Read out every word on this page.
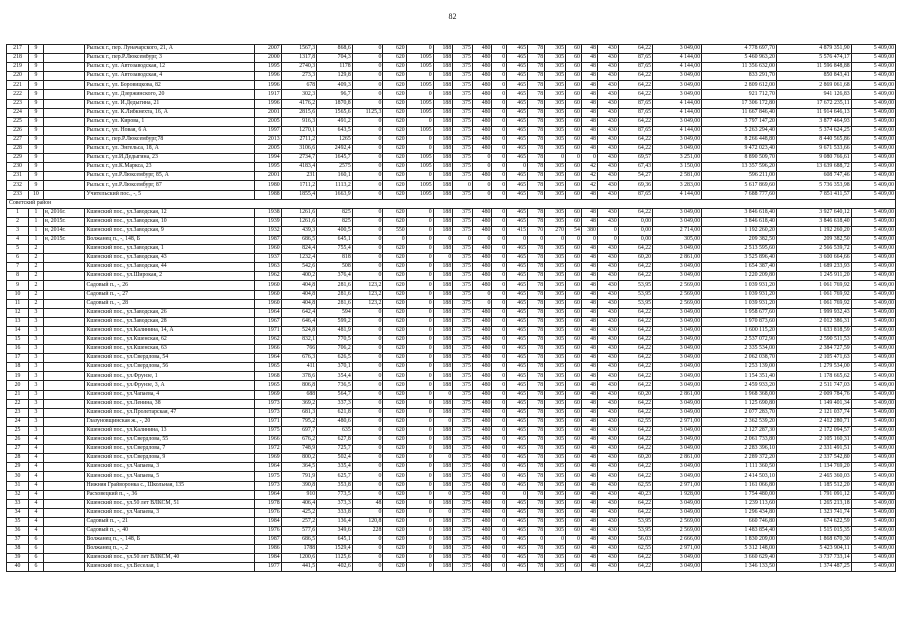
82
217	9		Рыльск г., пер. Луначарского, 21, А	2007	1567,3	868,6	0	620	0	188	375	480	0	465	78	305	60	48	430	64,22	3 049,00	4 778 697,70	4 879 351,90	5 409,00
218	9		Рыльск г., пер.Р.Люксембург, 3	2000	1317,8	704,3	0	620	1095	188	375	480	0	465	78	305	60	48	430	87,65	4 144,00	5 460 963,20	5 576 474,17	5 409,00
219	9		Рыльск г., ул. Автозаводская, 12	1995	2740,3	1178	0	620	1095	188	375	480	0	465	78	305	60	48	430	87,65	4 144,00	11 356 632,00	11 596 848,88	5 409,00
220	9		Рыльск г., ул. Автозаводская, 4	1996	273,3	129,8	0	620	0	188	375	480	0	465	78	305	60	48	430	64,22	3 049,00	833 291,70	850 843,41	5 409,00
221	9		Рыльск г., ул. Боровицкова, 82	1996	678	409,3	0	620	1095	188	375	480	0	465	78	305	60	48	430	64,22	3 049,00	2 809 612,00	2 869 061,68	5 409,00
222	9		Рыльск г., ул. Дзержинского, 20	1917	302,3	96,7	0	620	0	188	375	480	0	465	78	305	60	48	430	64,22	3 049,00	921 712,70	941 126,83	5 409,00
223	9		Рыльск г., ул. И.Дедыгина, 21	1996	4176,2	1870,8	0	620	1095	188	375	480	0	465	78	305	60	48	430	87,65	4 144,00	17 306 172,80	17 672 235,11	5 409,00
224	9		Рыльск г., ул. К.Либкнехта, 16, А	2001	2815,6	1565,6	1125,3	620	1095	188	375	480	0	465	78	305	60	48	430	87,65	4 144,00	11 667 846,40	11 914 646,13	5 409,00
225	9		Рыльск г., ул. Кирова, 1	2005	916,3	491,2	0	620	0	188	375	480	0	465	78	305	60	48	430	64,22	3 049,00	3 797 147,20	3 877 464,93	5 409,00
226	9		Рыльск г., ул. Новая, 6 А	1997	1270,1	643,5	0	620	1095	188	375	480	0	465	78	305	60	48	430	87,65	4 144,00	5 263 294,40	5 374 624,25	5 409,00
227	9		Рыльск г., пер.Р.Люксембург,78	2013	2711,2	1265	0	620	0	188	375	480	0	465	78	305	60	48	430	64,22	3 049,00	8 266 448,80	8 440 565,86	5 409,00
228	9		Рыльск г., ул. Энгельса, 18, А	2005	3106,6	2492,4	0	620	0	188	375	480	0	465	78	305	60	48	430	64,22	3 049,00	9 472 023,40	9 671 533,66	5 409,00
229	9		Рыльск г., ул.И.Дедыгина, 23	1994	2734,7	1645,7	0	620	1095	188	375	0	0	465	78	0	0	0	430	69,57	3 251,00	8 890 509,70	9 080 766,61	5 409,00
230	9		Рыльск г., ул.К.Маркса, 23	1995	4183,4	2575	0	620	1095	188	375	0	0	0	78	305	60	42	430	67,43	3 150,00	13 357 596,20	13 639 688,72	5 409,00
231	9		Рыльск г., ул.Р.Люксембург, 85, А	2001	231	160,1	0	620	0	188	375	480	0	465	78	305	60	42	430	54,27	2 581,00	596 211,00	608 747,46	5 409,00
232	9		Рыльск г., ул.Р.Люксембург, 87	1980	1711,2	1113,2	0	620	1095	188	0	0	0	465	78	305	60	42	430	69,36	3 283,00	5 617 869,60	5 736 353,98	5 409,00
233	10		Учительский пос., -, 5	1988	1855,4	1663,9	0	620	1095	188	375	0	0	465	78	305	60	48	430	87,65	4 144,00	7 688 777,60	7 851 411,57	5 409,00
Советский район																								
1	1	н, 2016г.	Кшенский пос., ул.Заводская, 12	1938	1261,6	825	0	620	0	188	375	480	0	465	78	305	60	48	430	64,22	3 049,00	3 846 618,40	3 927 640,12	5 409,00
2	1	н, 2015г.	Кшенский пос., ул.Заводская, 10	1939	1261,6	825	0	620	0	188	375	480	0	465	78	305	60	48	430	0,00	3 049,00	3 846 618,40	3 846 618,40	5 409,00
3	1	н, 2014г.	Кшенский пос., ул.Заводская, 9	1932	439,3	400,5	0	550	0	188	375	480	0	415	70	270	54	380	0	0,00	2 714,00	1 192 260,20	1 192 260,20	5 409,00
4	1	н, 2015г.	Волжанец п., -, 148, Б	1987	686,5	645,1	0	0	0	0	0	0	0	0	0	0	0	0	0	0,00	305,00	209 382,50	209 382,50	5 409,00
5	2		Кшенский пос., ул.Заводская, 1	1960	824,4	755,4	0	620	0	188	375	480	0	465	78	305	60	48	430	64,22	3 049,00	2 513 595,60	2 566 539,72	5 409,00
6	2		Кшенский пос., ул.Заводская, 43	1937	1232,4	818	0	620	0	0	375	480	0	465	78	305	60	48	430	60,20	2 861,00	3 525 896,40	3 600 664,66	5 409,00
7	2		Кшенский пос., ул.Заводская, 44	1963	542,6	508	0	620	0	188	375	480	0	465	78	305	60	48	430	64,22	3 049,00	1 654 387,40	1 689 233,93	5 409,00
8	2		Кшенский пос., ул.Широкая, 2	1962	400,2	376,4	0	620	0	188	375	480	0	465	78	305	60	48	430	64,22	3 049,00	1 220 209,80	1 245 911,20	5 409,00
9	2		Садовый п., -, 26	1960	404,8	281,6	123,2	620	0	188	375	480	0	465	78	305	60	48	430	53,95	2 569,00	1 039 931,20	1 061 769,92	5 409,00
10	2		Садовый п., -, 27	1960	404,8	281,6	123,2	620	0	188	375	0	0	465	78	305	60	48	430	53,95	2 569,00	1 039 931,20	1 061 769,92	5 409,00
11	2		Садовый п., -, 28	1960	404,8	281,6	123,2	620	0	188	375	0	0	465	78	305	60	48	430	53,95	2 569,00	1 039 931,20	1 061 769,92	5 409,00
12	3		Кшенский пос., ул.Заводская, 26	1964	642,4	594	0	620	0	188	375	480	0	465	78	305	60	48	430	64,22	3 049,00	1 958 677,60	1 999 932,43	5 409,00
13	3		Кшенский пос., ул.Заводская, 28	1967	646,4	599,2	0	620	0	188	375	480	0	465	78	305	60	48	430	64,22	3 049,00	1 970 873,60	2 012 386,31	5 409,00
14	3		Кшенский пос., ул.Калинина, 14, А	1971	524,8	481,9	0	620	0	188	375	480	0	465	78	305	60	48	430	64,22	3 049,00	1 600 115,20	1 633 818,59	5 409,00
15	3		Кшенский пос., ул.Кшенская, 62	1962	832,1	770,5	0	620	0	188	375	480	0	465	78	305	60	48	430	64,22	3 049,00	2 537 072,90	2 590 511,53	5 409,00
16	3		Кшенский пос., ул.Кшенская, 63	1966	766	706,2	0	620	0	188	375	480	0	465	78	305	60	48	430	64,22	3 049,00	2 335 534,00	2 384 727,59	5 409,00
17	3		Кшенский пос., ул.Свердлова, 54	1964	676,3	626,5	0	620	0	188	375	480	0	465	78	305	60	48	430	64,22	3 049,00	2 062 038,70	2 105 471,63	5 409,00
18	3		Кшенский пос., ул.Свердлова, 56	1965	411	370,1	0	620	0	188	375	480	0	465	78	305	60	48	430	64,22	3 049,00	1 253 139,00	1 279 534,00	5 409,00
19	3		Кшенский пос., ул.Фрунзе, 1	1968	378,6	354,4	0	620	0	188	375	480	0	465	78	305	60	48	430	64,22	3 049,00	1 154 351,40	1 178 665,62	5 409,00
20	3		Кшенский пос., ул.Фрунзе, 3, А	1965	806,8	736,5	0	620	0	188	375	480	0	465	78	305	60	48	430	64,22	3 049,00	2 459 933,20	2 511 747,03	5 409,00
21	3		Кшенский пос., ул.Чапаева, 4	1969	688	564,7	0	620	0	0	375	480	0	465	78	305	60	48	430	60,20	2 861,00	1 968 368,00	2 009 784,76	5 409,00
22	3		Кшенский пос., ул.Ленина, 38	1973	369,2	337,3	0	620	0	188	375	480	0	465	78	305	60	48	430	64,22	3 049,00	1 125 690,80	1 149 401,34	5 409,00
23	3		Кшенский пос., ул.Пролетарская, 47	1973	681,3	621,8	0	620	0	188	375	480	0	465	78	305	60	48	430	64,22	3 049,00	2 077 283,70	2 121 037,74	5 409,00
24	3		Глазуновщинская ж., -, 20	1971	795,2	480,6	0	620	0	0	375	480	0	465	78	305	60	48	430	62,55	2 971,00	2 362 539,20	2 412 280,71	5 409,00
25	3		Кшенский пос., ул.Калинина, 13	1975	697,7	635	0	620	0	188	375	480	0	465	78	305	60	48	430	64,22	3 049,00	2 127 287,30	2 172 094,57	5 409,00
26	4		Кшенский пос., ул.Свердлова, 55	1966	676,2	627,8	0	620	0	188	375	480	0	465	78	305	60	48	430	64,22	3 049,00	2 061 733,80	2 105 160,31	5 409,00
27	4		Кшенский пос., ул.Свердлова, 7	1972	748,9	725,7	0	620	0	188	375	480	0	465	78	305	60	48	430	64,22	3 049,00	2 283 396,10	2 331 491,51	5 409,00
28	4		Кшенский пос., ул.Свердлова, 9	1969	800,2	502,4	0	620	0	0	375	480	0	465	78	305	60	48	430	60,20	2 861,00	2 289 372,20	2 337 542,80	5 409,00
29	4		Кшенский пос., ул.Чапаева, 3	1964	364,5	335,4	0	620	0	188	375	480	0	465	78	305	60	48	430	64,22	3 049,00	1 111 360,50	1 134 769,20	5 409,00
30	4		Кшенский пос., ул.Чапаева, 5	1975	791,9	625,7	0	620	0	188	375	480	0	465	78	305	60	48	430	64,22	3 049,00	2 414 503,10	2 465 360,03	5 409,00
31	4		Нижняя Грайворонка с., Школьная, 135	1973	390,8	353,8	0	620	0	188	375	480	0	465	78	305	60	48	430	62,55	2 971,00	1 161 066,80	1 185 512,20	5 409,00
32	4		Расховецкий п., -, 36	1964	910	773,5	0	620	0	0	375	480	0	0	78	305	60	48	430	40,23	1 928,00	1 754 480,00	1 791 091,12	5 409,00
33	4		Кшенский пос., ул.50 лет ВЛКСМ, 51	1978	406,4	373,3	48	620	0	188	375	480	0	465	78	305	60	48	430	64,22	3 049,00	1 239 113,60	1 265 213,18	5 409,00
34	4		Кшенский пос., ул.Чапаева, 3	1976	425,2	333,8	0	620	0	0	375	480	0	465	78	305	60	48	430	64,22	3 049,00	1 296 434,80	1 323 741,74	5 409,00
35	4		Садовый п., -, 21	1984	257,2	136,4	120,8	620	0	188	375	480	0	465	78	305	60	48	430	53,95	2 569,00	660 746,80	674 622,59	5 409,00
36	4		Садовый п., -, 40	1976	577,6	349,6	228	620	0	188	375	480	0	465	78	305	60	48	430	53,95	2 569,00	1 483 854,40	1 515 015,35	5 409,00
37	6		Волжанец п., -, 148, Б	1987	686,5	645,1	0	620	0	188	375	480	0	465	0	0	0	48	430	56,03	2 666,00	1 830 209,00	1 868 670,30	5 409,00
38	6		Волжанец п., -, 2	1986	1788	1529,4	0	620	0	188	375	480	0	465	78	305	60	48	430	62,55	2 971,00	5 312 148,00	5 423 904,11	5 409,00
39	6		Кшенский пос., ул.50 лет ВЛКСМ, 40	1984	1200,6	1125,6	0	620	0	188	375	480	0	465	78	305	60	48	430	64,22	3 049,00	3 660 629,40	3 737 733,14	5 409,00
40	6		Кшенский пос., ул.Веселая, 1	1977	441,5	402,6	0	620	0	188	375	480	0	465	78	305	60	48	430	64,22	3 049,00	1 346 133,50	1 374 487,25	5 409,00
